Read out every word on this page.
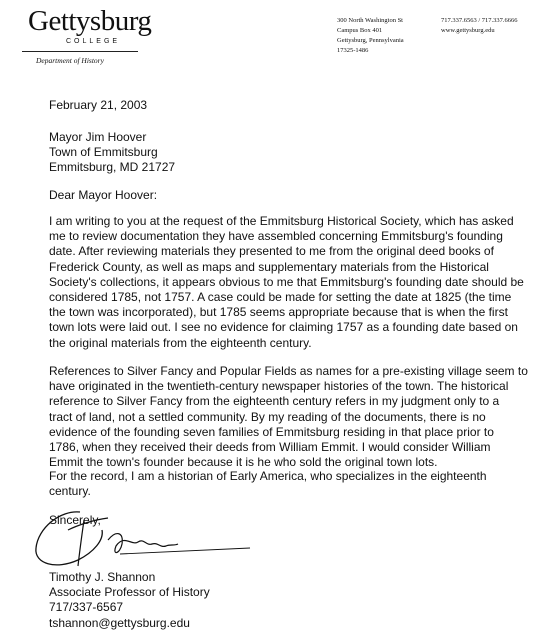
Gettysburg
COLLEGE
Department of History
300 North Washington St
Campus Box 401
Gettysburg, Pennsylvania
17325-1486
717.337.6563 / 717.337.6666
www.gettysburg.edu
February 21, 2003
Mayor Jim Hoover
Town of Emmitsburg
Emmitsburg, MD 21727
Dear Mayor Hoover:
I am writing to you at the request of the Emmitsburg Historical Society, which has asked
me to review documentation they have assembled concerning Emmitsburg's founding
date. After reviewing materials they presented to me from the original deed books of
Frederick County, as well as maps and supplementary materials from the Historical
Society's collections, it appears obvious to me that Emmitsburg's founding date should be
considered 1785, not 1757. A case could be made for setting the date at 1825 (the time
the town was incorporated), but 1785 seems appropriate because that is when the first
town lots were laid out. I see no evidence for claiming 1757 as a founding date based on
the original materials from the eighteenth century.
References to Silver Fancy and Popular Fields as names for a pre-existing village seem to
have originated in the twentieth-century newspaper histories of the town. The historical
reference to Silver Fancy from the eighteenth century refers in my judgment only to a
tract of land, not a settled community. By my reading of the documents, there is no
evidence of the founding seven families of Emmitsburg residing in that place prior to
1786, when they received their deeds from William Emmit. I would consider William
Emmit the town's founder because it is he who sold the original town lots.
For the record, I am a historian of Early America, who specializes in the eighteenth
century.
Sincerely,
Timothy J. Shannon
Associate Professor of History
717/337-6567
tshannon@gettysburg.edu
